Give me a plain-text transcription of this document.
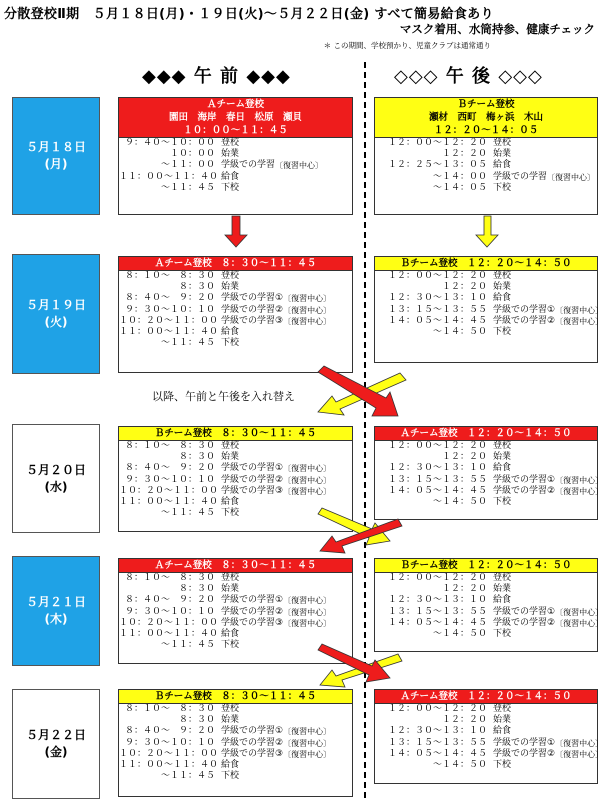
分散登校Ⅱ期　５月１８日(月)・１９日(火)～５月２２日(金) すべて簡易給食あり
マスク着用、水筒持参、健康チェック
＊ この期間、学校預かり、児童クラブは通常通り
◆◆◆ 午 前 ◆◆◆	◇◇◇ 午 後 ◇◇◇
５月１８日
(月)
Ａチーム登校
園田　海岸　春日　松原　瀬貝
１０：００～１１：４５
９：４０～１０：００ 登校
１０：００ 始業
～１１：００ 学級での学習 〔復習中心〕
１１：００～１１：４０ 給食
～１１：４５ 下校
Ｂチーム登校
瀬材　西町　梅ヶ浜　木山
１２：２０～１４：０５
１２：００～１２：２０ 登校
１２：２０ 始業
１２：２５～１３：０５ 給食
～１４：００ 学級での学習 〔復習中心〕
～１４：０５ 下校
５月１９日
(火)
Ａチーム登校　８：３０～１１：４５
８：１０～　８：３０ 登校
８：３０ 始業
８：４０～　９：２０ 学級での学習① 〔復習中心〕
９：３０～１０：１０ 学級での学習② 〔復習中心〕
１０：２０～１１：００ 学級での学習③ 〔復習中心〕
１１：００～１１：４０ 給食
～１１：４５ 下校
Ｂチーム登校　１２：２０～１４：５０
１２：００～１２：２０ 登校
１２：２０ 始業
１２：３０～１３：１０ 給食
１３：１５～１３：５５ 学級での学習① 〔復習中心〕
１４：０５～１４：４５ 学級での学習② 〔復習中心〕
～１４：５０ 下校
以降、午前と午後を入れ替え
５月２０日
(水)
Ｂチーム登校　８：３０～１１：４５
８：１０～　８：３０ 登校
８：３０ 始業
８：４０～　９：２０ 学級での学習① 〔復習中心〕
９：３０～１０：１０ 学級での学習② 〔復習中心〕
１０：２０～１１：００ 学級での学習③ 〔復習中心〕
１１：００～１１：４０ 給食
～１１：４５ 下校
Ａチーム登校　１２：２０～１４：５０
１２：００～１２：２０ 登校
１２：２０ 始業
１２：３０～１３：１０ 給食
１３：１５～１３：５５ 学級での学習① 〔復習中心〕
１４：０５～１４：４５ 学級での学習② 〔復習中心〕
～１４：５０ 下校
５月２１日
(木)
Ａチーム登校　８：３０～１１：４５
８：１０～　８：３０ 登校
８：３０ 始業
８：４０～　９：２０ 学級での学習① 〔復習中心〕
９：３０～１０：１０ 学級での学習② 〔復習中心〕
１０：２０～１１：００ 学級での学習③ 〔復習中心〕
１１：００～１１：４０ 給食
～１１：４５ 下校
Ｂチーム登校　１２：２０～１４：５０
１２：００～１２：２０ 登校
１２：２０ 始業
１２：３０～１３：１０ 給食
１３：１５～１３：５５ 学級での学習① 〔復習中心〕
１４：０５～１４：４５ 学級での学習② 〔復習中心〕
～１４：５０ 下校
５月２２日
(金)
Ｂチーム登校　８：３０～１１：４５
８：１０～　８：３０ 登校
８：３０ 始業
８：４０～　９：２０ 学級での学習① 〔復習中心〕
９：３０～１０：１０ 学級での学習② 〔復習中心〕
１０：２０～１１：００ 学級での学習③ 〔復習中心〕
１１：００～１１：４０ 給食
～１１：４５ 下校
Ａチーム登校　１２：２０～１４：５０
１２：００～１２：２０ 登校
１２：２０ 始業
１２：３０～１３：１０ 給食
１３：１５～１３：５５ 学級での学習① 〔復習中心〕
１４：０５～１４：４５ 学級での学習② 〔復習中心〕
～１４：５０ 下校
